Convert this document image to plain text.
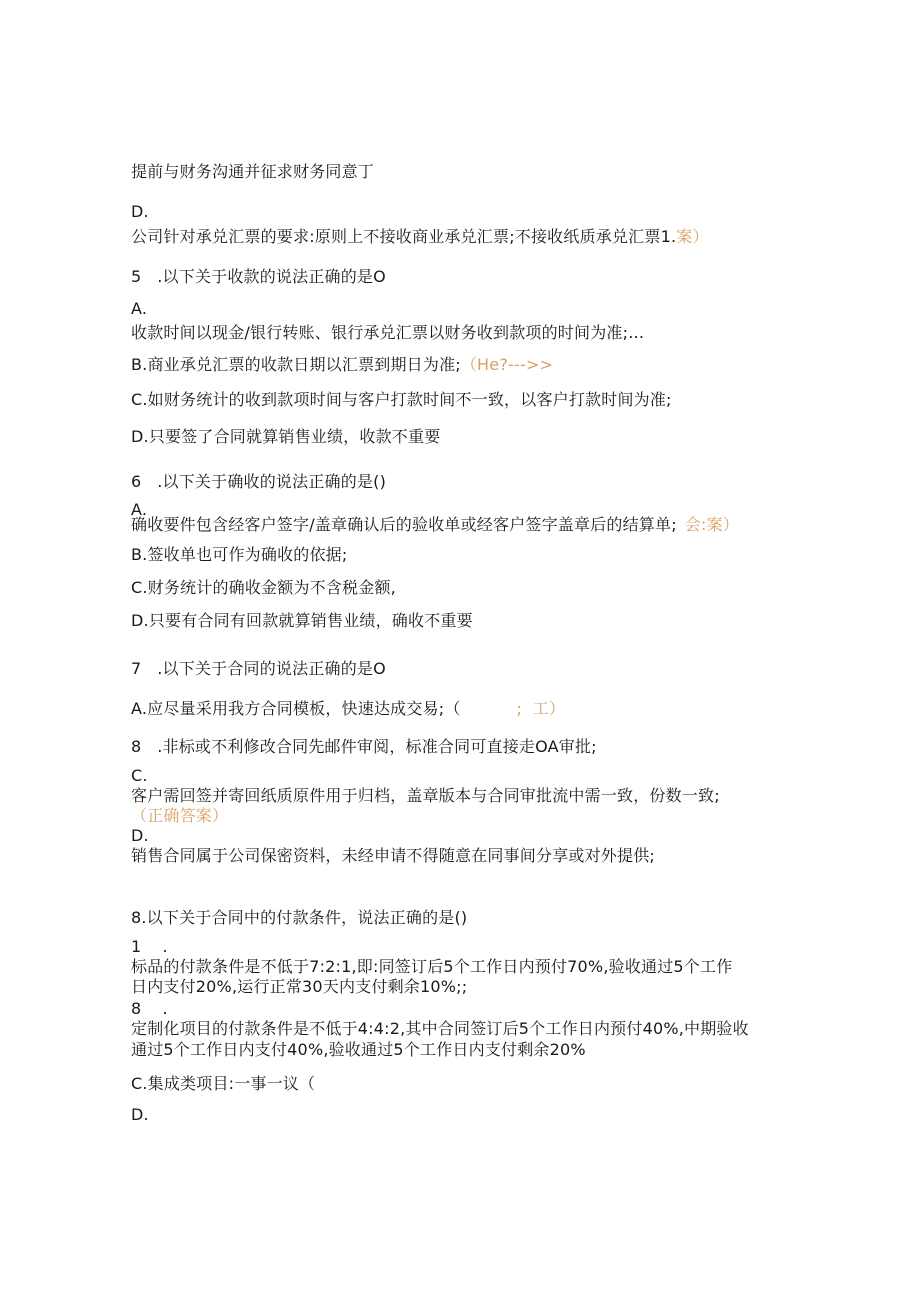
提前与财务沟通并征求财务同意丁
D.
公司针对承兑汇票的要求:原则上不接收商业承兑汇票;不接收纸质承兑汇票1.案）
5   .以下关于收款的说法正确的是O
A.
收款时间以现金/银行转账、银行承兑汇票以财务收到款项的时间为准;…
B.商业承兑汇票的收款日期以汇票到期日为准;（He?--->>
C.如财务统计的收到款项时间与客户打款时间不一致，以客户打款时间为准;
D.只要签了合同就算销售业绩，收款不重要
6   .以下关于确收的说法正确的是()
A.
确收要件包含经客户签字/盖章确认后的验收单或经客户签字盖章后的结算单; 会:案）
B.签收单也可作为确收的依据;
C.财务统计的确收金额为不含税金额,
D.只要有合同有回款就算销售业绩，确收不重要
7   .以下关于合同的说法正确的是O
A.应尽量采用我方合同模板，快速达成交易;（	;  工）
8   .非标或不利修改合同先邮件审阅，标准合同可直接走OA审批;
C.
客户需回签并寄回纸质原件用于归档，盖章版本与合同审批流中需一致，份数一致;
（正确答案）
D.
销售合同属于公司保密资料，未经申请不得随意在同事间分享或对外提供;
8.以下关于合同中的付款条件，说法正确的是()
1    .
标品的付款条件是不低于7:2:1,即:同签订后5个工作日内预付70%,验收通过5个工作
日内支付20%,运行正常30天内支付剩余10%;;
8    .
定制化项目的付款条件是不低于4:4:2,其中合同签订后5个工作日内预付40%,中期验收
通过5个工作日内支付40%,验收通过5个工作日内支付剩余20%
C.集成类项目:一事一议（
D.
